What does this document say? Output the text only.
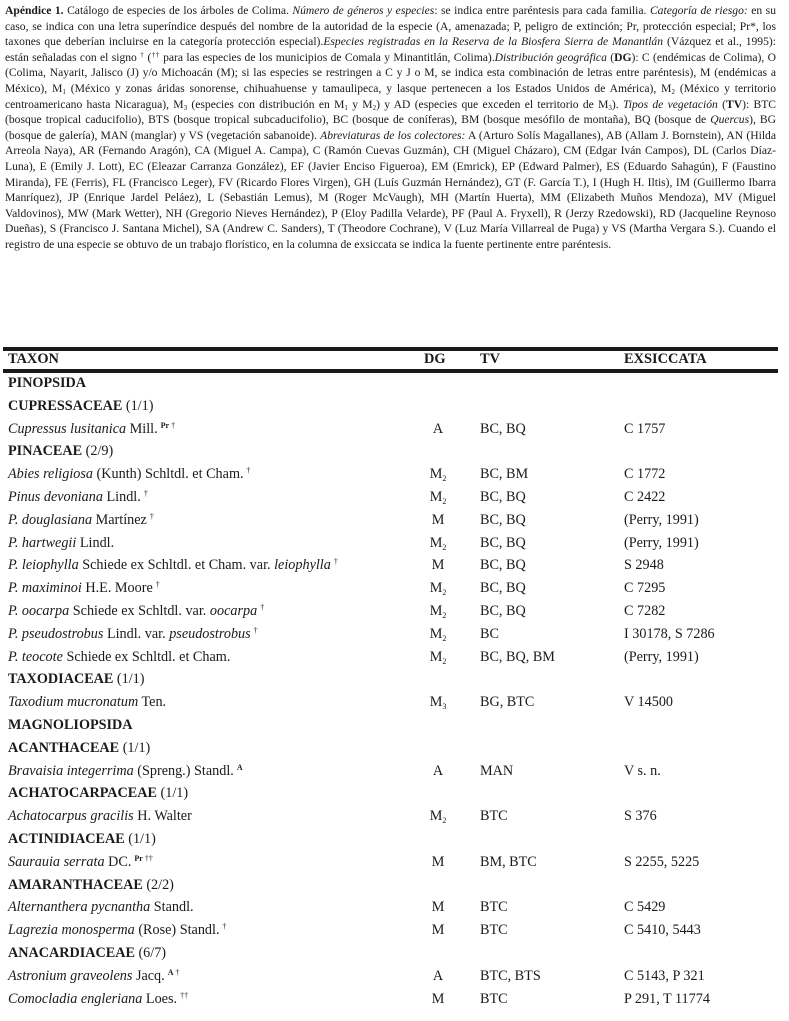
Apéndice 1. Catálogo de especies de los árboles de Colima. Número de géneros y especies: se indica entre paréntesis para cada familia. Categoría de riesgo: en su caso, se indica con una letra superíndice después del nombre de la autoridad de la especie (A, amenazada; P, peligro de extinción; Pr, protección especial; Pr*, los taxones que deberían incluirse en la categoría protección especial).Especies registradas en la Reserva de la Biosfera Sierra de Manantlán (Vázquez et al., 1995): están señaladas con el signo † (†† para las especies de los municipios de Comala y Minantitlán, Colima).Distribución geográfica (DG): C (endémicas de Colima), O (Colima, Nayarit, Jalisco (J) y/o Michoacán (M); si las especies se restringen a C y J o M, se indica esta combinación de letras entre paréntesis), M (endémicas a México), $M_1$ (México y zonas áridas sonorense, chihuahuense y tamaulipeca, y lasque pertenecen a los Estados Unidos de América), $M_2$ (México y territorio centroamericano hasta Nicaragua), $M_3$ (especies con distribución en $M_1$ y $M_2$) y AD (especies que exceden el territorio de $M_3$). Tipos de vegetación (TV): BTC (bosque tropical caducifolio), BTS (bosque tropical subcaducifolio), BC (bosque de coníferas), BM (bosque mesófilo de montaña), BQ (bosque de Quercus), BG (bosque de galería), MAN (manglar) y VS (vegetación sabanoide). Abreviaturas de los colectores: A (Arturo Solís Magallanes), AB (Allam J. Bornstein), AN (Hilda Arreola Naya), AR (Fernando Aragón), CA (Miguel A. Campa), C (Ramón Cuevas Guzmán), CH (Miguel Cházaro), CM (Edgar Iván Campos), DL (Carlos Díaz-Luna), E (Emily J. Lott), EC (Eleazar Carranza González), EF (Javier Enciso Figueroa), EM (Emrick), EP (Edward Palmer), ES (Eduardo Sahagún), F (Faustino Miranda), FE (Ferris), FL (Francisco Leger), FV (Ricardo Flores Virgen), GH (Luís Guzmán Hernández), GT (F. García T.), I (Hugh H. Iltis), IM (Guillermo Ibarra Manríquez), JP (Enrique Jardel Peláez), L (Sebastián Lemus), M (Roger McVaugh), MH (Martín Huerta), MM (Elizabeth Muños Mendoza), MV (Miguel Valdovinos), MW (Mark Wetter), NH (Gregorio Nieves Hernández), P (Eloy Padilla Velarde), PF (Paul A. Fryxell), R (Jerzy Rzedowski), RD (Jacqueline Reynoso Dueñas), S (Francisco J. Santana Michel), SA (Andrew C. Sanders), T (Theodore Cochrane), V (Luz María Villarreal de Puga) y VS (Martha Vergara S.). Cuando el registro de una especie se obtuvo de un trabajo florístico, en la columna de exsiccata se indica la fuente pertinente entre paréntesis.
TAXON	DG TV	EXSICCATA
PINOPSIDA
CUPRESSACEAE (1/1)
Cupressus lusitanica Mill. $^{Pr \dagger}$	A	BC, BQ	C 1757
PINACEAE (2/9)
Abies religiosa (Kunth) Schltdl. et Cham. †	$M_2$ BC, BM	C 1772
Pinus devoniana Lindl. †	$M_2$ BC, BQ	C 2422
P. douglasiana Martínez †	M	BC, BQ	(Perry, 1991)
P. hartwegii Lindl.	$M_2$ BC, BQ	(Perry, 1991)
P. leiophylla Schiede ex Schltdl. et Cham. var. leiophylla †	M	BC, BQ	S 2948
P. maximinoi H.E. Moore †	$M_2$ BC, BQ	C 7295
P. oocarpa Schiede ex Schltdl. var. oocarpa †	$M_2$ BC, BQ	C 7282
P. pseudostrobus Lindl. var. pseudostrobus †	$M_2$ BC	I 30178, S 7286
P. teocote Schiede ex Schltdl. et Cham.	$M_2$ BC, BQ, BM	(Perry, 1991)
TAXODIACEAE (1/1)
Taxodium mucronatum Ten.	$M_3$ BG, BTC	V 14500
MAGNOLIOPSIDA
ACANTHACEAE (1/1)
Bravaisia integerrima (Spreng.) Standl. $^A$	A	MAN	V s. n.
ACHATOCARPACEAE (1/1)
Achatocarpus gracilis H. Walter	$M_2$ BTC	S 376
ACTINIDIACEAE (1/1)
Saurauia serrata DC. $^{Pr \dagger\dagger}$	M	BM, BTC	S 2255, 5225
AMARANTHACEAE (2/2)
Alternanthera pycnantha Standl.	M	BTC	C 5429
Lagrezia monosperma (Rose) Standl. †	M	BTC	C 5410, 5443
ANACARDIACEAE (6/7)
Astronium graveolens Jacq. $^{A \dagger}$	A	BTC, BTS	C 5143, P 321
Comocladia engleriana Loes. ††	M	BTC	P 291, T 11774
